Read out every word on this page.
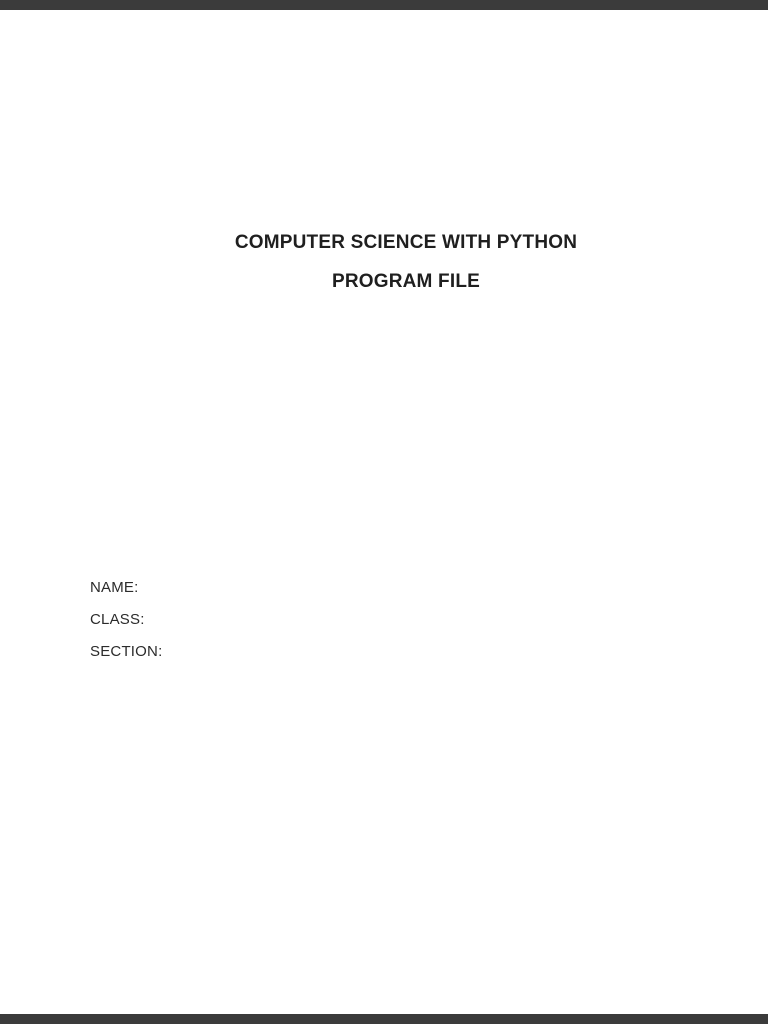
COMPUTER SCIENCE WITH PYTHON
PROGRAM FILE
NAME:
CLASS:
SECTION:
